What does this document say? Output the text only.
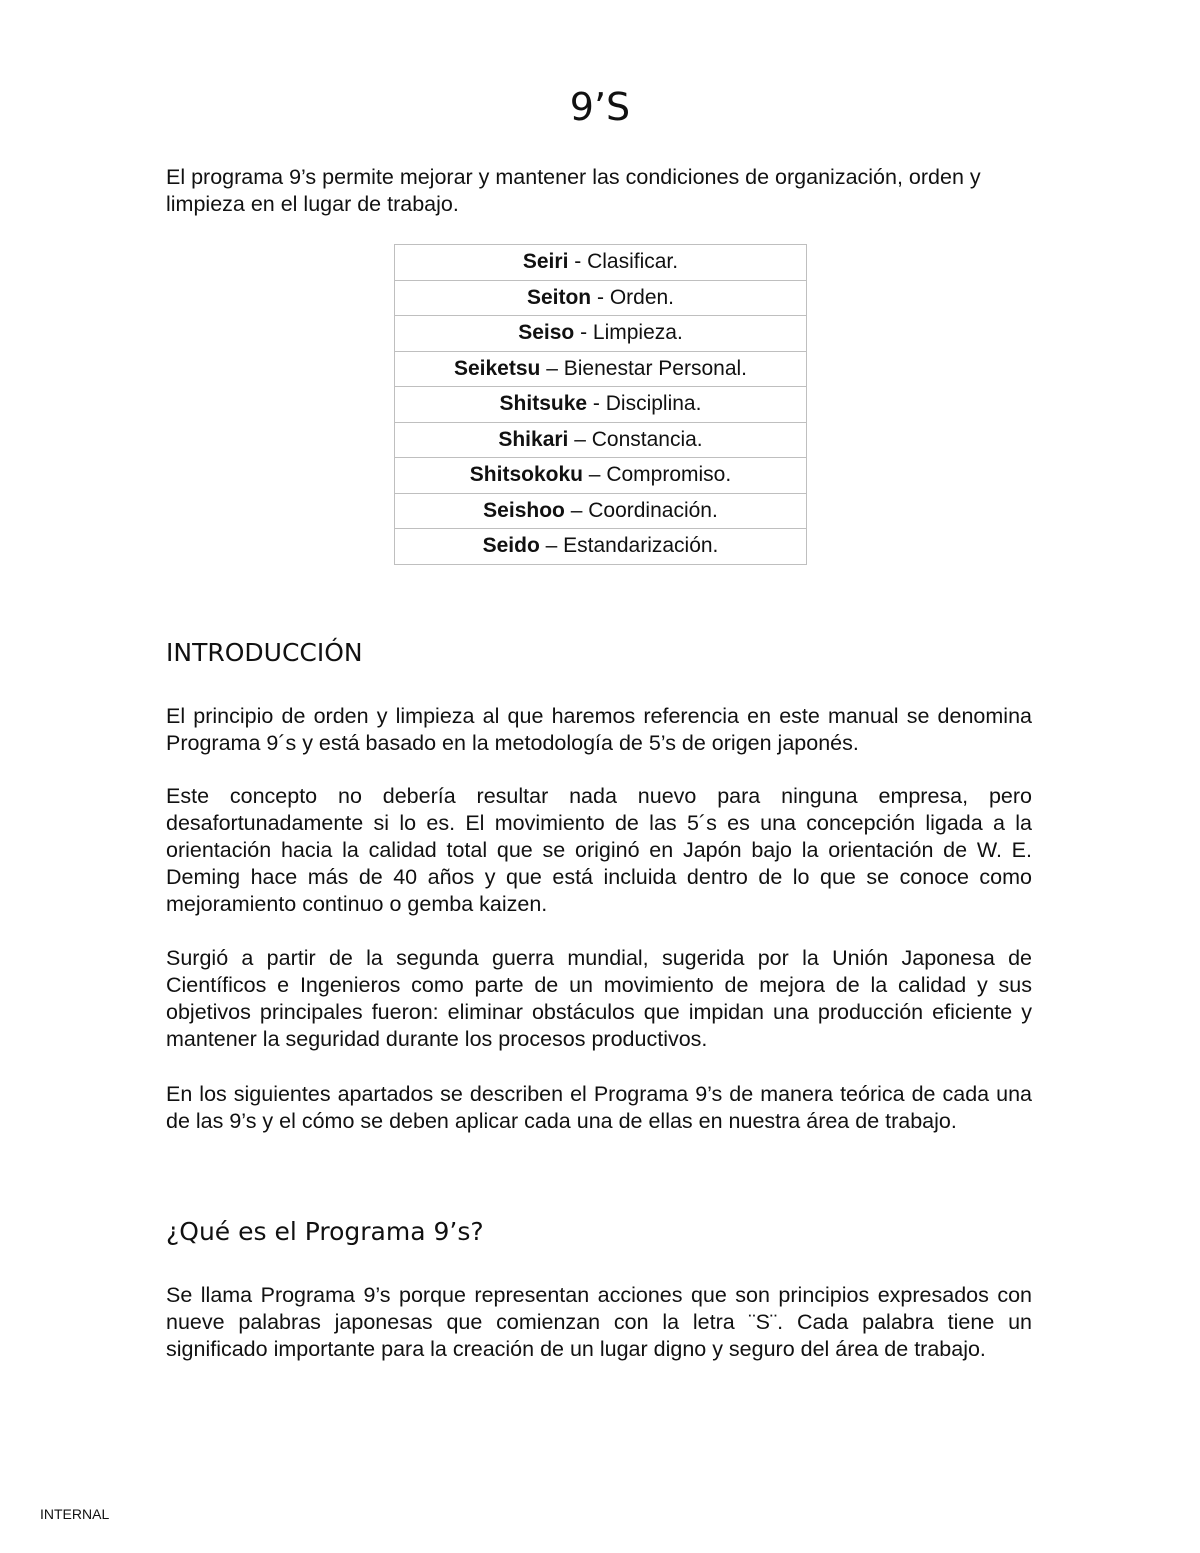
9’S

El programa 9’s permite mejorar y mantener las condiciones de organización, orden y limpieza en el lugar de trabajo.

Seiri - Clasificar.
Seiton - Orden.
Seiso - Limpieza.
Seiketsu – Bienestar Personal.
Shitsuke - Disciplina.
Shikari – Constancia.
Shitsokoku – Compromiso.
Seishoo – Coordinación.
Seido – Estandarización.
INTRODUCCIÓN

El principio de orden y limpieza al que haremos referencia en este manual se denomina Programa 9´s y está basado en la metodología de 5’s de origen japonés.

Este concepto no debería resultar nada nuevo para ninguna empresa, pero desafortunadamente si lo es. El movimiento de las 5´s es una concepción ligada a la orientación hacia la calidad total que se originó en Japón bajo la orientación de W. E. Deming hace más de 40 años y que está incluida dentro de lo que se conoce como mejoramiento continuo o gemba kaizen.

Surgió a partir de la segunda guerra mundial, sugerida por la Unión Japonesa de Científicos e Ingenieros como parte de un movimiento de mejora de la calidad y sus objetivos principales fueron: eliminar obstáculos que impidan una producción eficiente y mantener la seguridad durante los procesos productivos.

En los siguientes apartados se describen el Programa 9’s de manera teórica de cada una de las 9’s y el cómo se deben aplicar cada una de ellas en nuestra área de trabajo.

¿Qué es el Programa 9’s?

Se llama Programa 9’s porque representan acciones que son principios expresados con nueve palabras japonesas que comienzan con la letra ¨S¨. Cada palabra tiene un significado importante para la creación de un lugar digno y seguro del área de trabajo.

INTERNAL
